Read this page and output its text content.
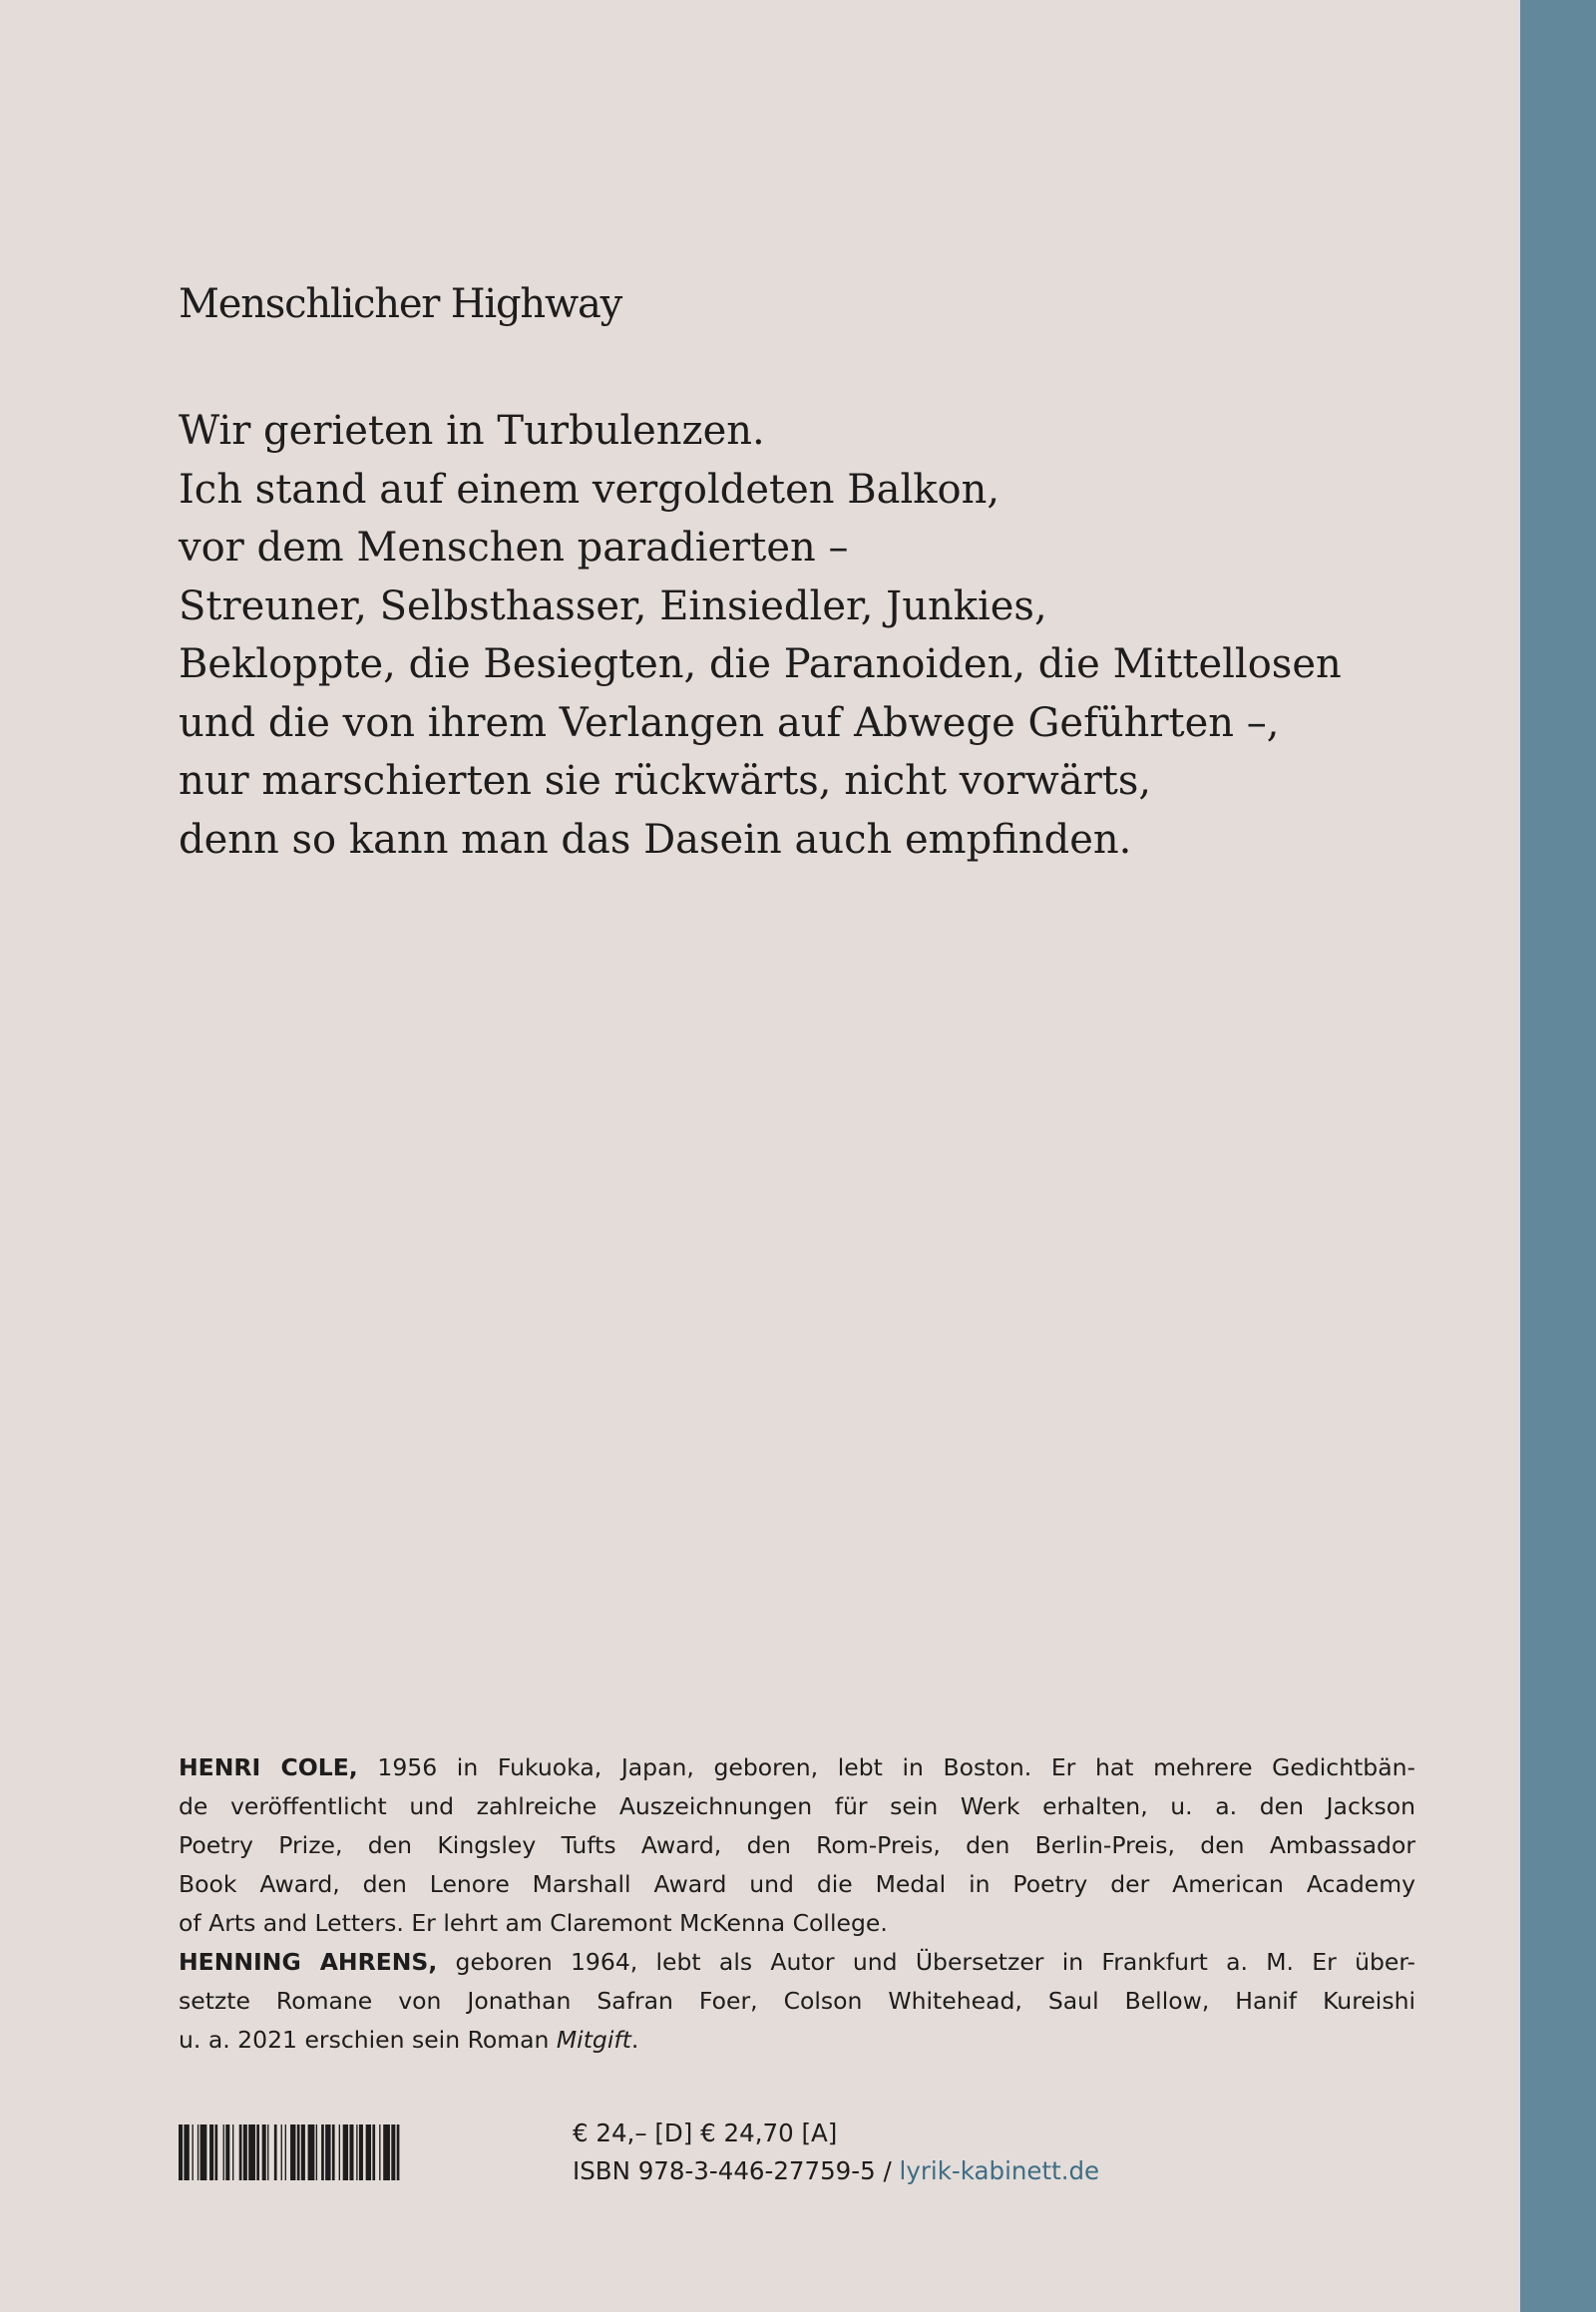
Menschlicher Highway
Wir gerieten in Turbulenzen.
Ich stand auf einem vergoldeten Balkon,
vor dem Menschen paradierten –
Streuner, Selbsthasser, Einsiedler, Junkies,
Bekloppte, die Besiegten, die Paranoiden, die Mittellosen
und die von ihrem Verlangen auf Abwege Geführten –,
nur marschierten sie rückwärts, nicht vorwärts,
denn so kann man das Dasein auch empfinden.
HENRI COLE, 1956 in Fukuoka, Japan, geboren, lebt in Boston. Er hat mehrere Gedichtbän-
de veröffentlicht und zahlreiche Auszeichnungen für sein Werk erhalten, u. a. den Jackson
Poetry Prize, den Kingsley Tufts Award, den Rom-Preis, den Berlin-Preis, den Ambassador
Book Award, den Lenore Marshall Award und die Medal in Poetry der American Academy
of Arts and Letters. Er lehrt am Claremont McKenna College.
HENNING AHRENS, geboren 1964, lebt als Autor und Übersetzer in Frankfurt a. M. Er über-
setzte Romane von Jonathan Safran Foer, Colson Whitehead, Saul Bellow, Hanif Kureishi
u. a. 2021 erschien sein Roman Mitgift.
€ 24,– [D] € 24,70 [A]
ISBN 978-3-446-27759-5 / lyrik-kabinett.de
